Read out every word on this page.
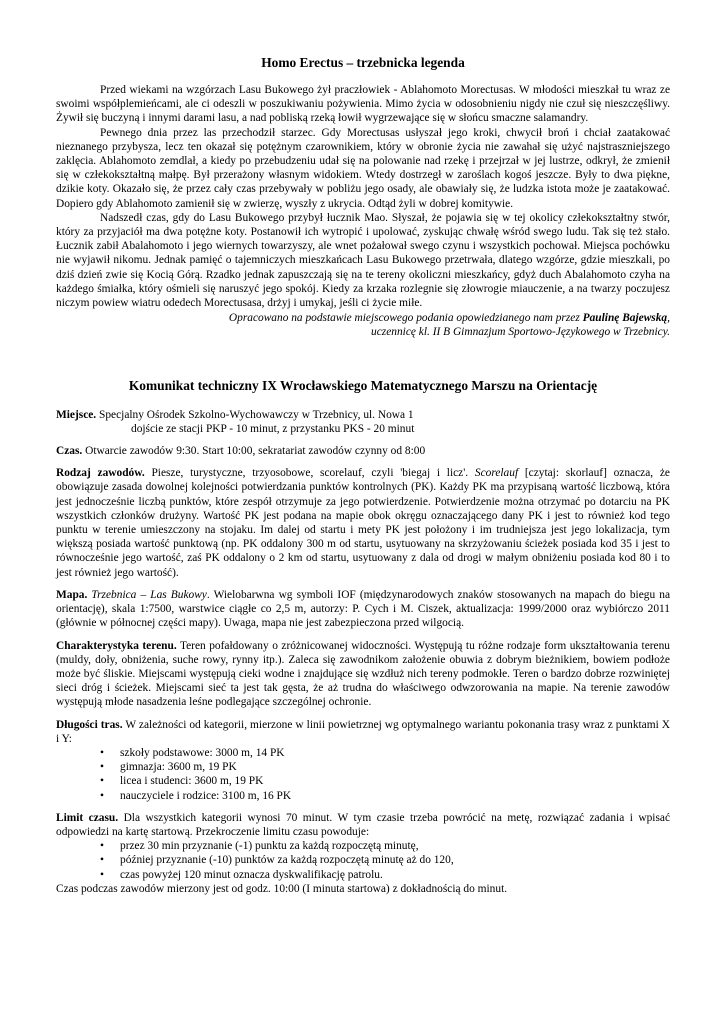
Homo Erectus – trzebnicka legenda

Przed wiekami na wzgórzach Lasu Bukowego żył praczłowiek - Ablahomoto Morectusas. W młodości mieszkał tu wraz ze swoimi współplemieńcami, ale ci odeszli w poszukiwaniu pożywienia. Mimo życia w odosobnieniu nigdy nie czuł się nieszczęśliwy. Żywił się buczyną i innymi darami lasu, a nad pobliską rzeką łowił wygrzewające się w słońcu smaczne salamandry.

Pewnego dnia przez las przechodził starzec. Gdy Morectusas usłyszał jego kroki, chwycił broń i chciał zaatakować nieznanego przybysza, lecz ten okazał się potężnym czarownikiem, który w obronie życia nie zawahał się użyć najstraszniejszego zaklęcia. Ablahomoto zemdlał, a kiedy po przebudzeniu udał się na polowanie nad rzekę i przejrzał w jej lustrze, odkrył, że zmienił się w człekokształtną małpę. Był przerażony własnym widokiem. Wtedy dostrzegł w zaroślach kogoś jeszcze. Były to dwa piękne, dzikie koty. Okazało się, że przez cały czas przebywały w pobliżu jego osady, ale obawiały się, że ludzka istota może je zaatakować. Dopiero gdy Ablahomoto zamienił się w zwierzę, wyszły z ukrycia. Odtąd żyli w dobrej komitywie.

Nadszedł czas, gdy do Lasu Bukowego przybył łucznik Mao. Słyszał, że pojawia się w tej okolicy człekokształtny stwór, który za przyjaciół ma dwa potężne koty. Postanowił ich wytropić i upolować, zyskując chwałę wśród swego ludu. Tak się też stało. Łucznik zabił Abalahomoto i jego wiernych towarzyszy, ale wnet pożałował swego czynu i wszystkich pochował. Miejsca pochówku nie wyjawił nikomu. Jednak pamięć o tajemniczych mieszkańcach Lasu Bukowego przetrwała, dlatego wzgórze, gdzie mieszkali, po dziś dzień zwie się Kocią Górą. Rzadko jednak zapuszczają się na te tereny okoliczni mieszkańcy, gdyż duch Abalahomoto czyha na każdego śmiałka, który ośmieli się naruszyć jego spokój. Kiedy za krzaka rozlegnie się złowrogie miauczenie, a na twarzy poczujesz niczym powiew wiatru odedech Morectusasa, drżyj i umykaj, jeśli ci życie miłe.

Opracowano na podstawie miejscowego podania opowiedzianego nam przez Paulinę Bajewską,
uczennicę kl. II B Gimnazjum Sportowo-Językowego w Trzebnicy.

Komunikat techniczny IX Wrocławskiego Matematycznego Marszu na Orientację
Miejsce. Specjalny Ośrodek Szkolno-Wychowawczy w Trzebnicy, ul. Nowa 1
dojście ze stacji PKP - 10 minut, z przystanku PKS - 20 minut
Czas. Otwarcie zawodów 9:30. Start 10:00, sekratariat zawodów czynny od 8:00
Rodzaj zawodów. Piesze, turystyczne, trzyosobowe, scorelauf, czyli 'biegaj i licz'. Scorelauf [czytaj: skorlauf] oznacza, że obowiązuje zasada dowolnej kolejności potwierdzania punktów kontrolnych (PK). Każdy PK ma przypisaną wartość liczbową, która jest jednocześnie liczbą punktów, które zespół otrzymuje za jego potwierdzenie. Potwierdzenie można otrzymać po dotarciu na PK wszystkich członków drużyny. Wartość PK jest podana na mapie obok okręgu oznaczającego dany PK i jest to również kod tego punktu w terenie umieszczony na stojaku. Im dalej od startu i mety PK jest położony i im trudniejsza jest jego lokalizacja, tym większą posiada wartość punktową (np. PK oddalony 300 m od startu, usytuowany na skrzyżowaniu ścieżek posiada kod 35 i jest to równocześnie jego wartość, zaś PK oddalony o 2 km od startu, usytuowany z dala od drogi w małym obniżeniu posiada kod 80 i to jest również jego wartość).
Mapa. Trzebnica – Las Bukowy. Wielobarwna wg symboli IOF (międzynarodowych znaków stosowanych na mapach do biegu na orientację), skala 1:7500, warstwice ciągłe co 2,5 m, autorzy: P. Cych i M. Ciszek, aktualizacja: 1999/2000 oraz wybiórczo 2011 (głównie w północnej części mapy). Uwaga, mapa nie jest zabezpieczona przed wilgocią.
Charakterystyka terenu. Teren pofałdowany o zróżnicowanej widoczności. Występują tu różne rodzaje form ukształtowania terenu (muldy, doły, obniżenia, suche rowy, rynny itp.). Zaleca się zawodnikom założenie obuwia z dobrym bieżnikiem, bowiem podłoże może być śliskie. Miejscami występują cieki wodne i znajdujące się wzdłuż nich tereny podmokłe. Teren o bardzo dobrze rozwiniętej sieci dróg i ścieżek. Miejscami sieć ta jest tak gęsta, że aż trudna do właściwego odwzorowania na mapie. Na terenie zawodów występują młode nasadzenia leśne podlegające szczególnej ochronie.
Długości tras. W zależności od kategorii, mierzone w linii powietrznej wg optymalnego wariantu pokonania trasy wraz z punktami X i Y:
• szkoły podstawowe: 3000 m, 14 PK
• gimnazja: 3600 m, 19 PK
• licea i studenci: 3600 m, 19 PK
• nauczyciele i rodzice: 3100 m, 16 PK
Limit czasu. Dla wszystkich kategorii wynosi 70 minut. W tym czasie trzeba powrócić na metę, rozwiązać zadania i wpisać odpowiedzi na kartę startową. Przekroczenie limitu czasu powoduje:
• przez 30 min przyznanie (-1) punktu za każdą rozpoczętą minutę,
• później przyznanie (-10) punktów za każdą rozpoczętą minutę aż do 120,
• czas powyżej 120 minut oznacza dyskwalifikację patrolu.
Czas podczas zawodów mierzony jest od godz. 10:00 (I minuta startowa) z dokładnością do minut.
